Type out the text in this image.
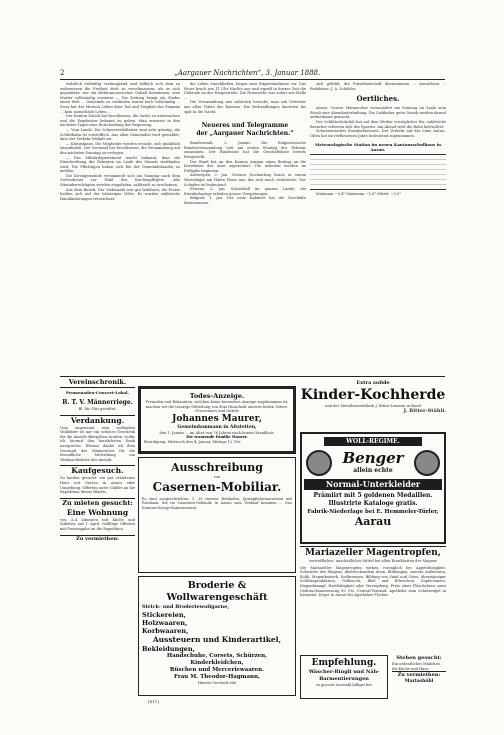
2	„Aargauer Nachrichten“, 3. Januar 1888.

wahrlich erdhaftig verhungernd und leiblich sich dem zu widersetzen die Freiheit derb zu verschmausen, als es sich gegenüber, wie ein elektromotorischer Gehalt benommen, eine Mutter vollständig vorweise ... Die Zeitung bringt ein Zinder einen Welt ... Gemeinde zu verbinden waren noch vollständig ... Zwar hat der Mensch Leben über Tod und Trägheit des Stamme ... kein menschlich Leben ...

Der Kanton Zürich hat beschlossen, die Sache zu untersuchen und die Ergebnisse bekannt zu geben. Man erwartet in den nächsten Tagen eine Entscheidung der Regierung.

— Vom Lande. Die Schneeverhältnisse sind sehr günstig, die Schlittbahn ist vortrefflich. Aus allen Gemeinden wird gemeldet, dass der Verkehr lebhaft sei.

— Kriegskasse. Die Mitglieder werden ersucht, sich pünktlich einzufinden. Der Vorstand hat beschlossen, die Versammlung auf den nächsten Sonntag zu verlegen.

— Das Militärdepartement macht bekannt, dass die Einschreibung der Rekruten im Laufe des Monats stattfinden wird. Die Pflichtigen haben sich bei der Gemeindekanzlei zu melden.

Die Kirchgemeinde versammelt sich am Sonntag nach dem Gottesdienst zur Wahl des Kirchenpflegers. Alle Stimmberechtigten werden eingeladen, zahlreich zu erscheinen.

Aus dem Bezirk. Der Viehmarkt war gut befahren; die Preise hielten sich auf der bisherigen Höhe. Es wurden zahlreiche Handänderungen verzeichnet.

die Leben einschließen, liegen zwei Eingeständnisse vor. Das Feuer brach um 11 Uhr Nachts aus und ergriff in kurzer Zeit die Gebäude an der Hauptstraße. Die Feuerwehr war sofort zur Stelle ...

Die Versammlung war zahlreich besucht; man sah Vertreter aus allen Teilen des Kantons. Die Verhandlungen dauerten bis spät in die Nacht.

Neueres und Telegramme
der „Aargauer Nachrichten.“

Bundesstadt, 2. Januar. Die Eidgenössische Bundesversammlung tritt am ersten Montag des Februar zusammen. Der Bundesrat hat die Geschäftsliste bereits festgestellt.

Der Bund hat an den Kanton Aargau einen Beitrag an die Korrektion der Aare zugesichert. Die Arbeiten werden im Frühjahr beginnen.

Antwerpen, 2. Jan. Gestern Nachmittag brach in einem Warenlager am Hafen Feuer aus, das sich rasch verbreitete. Der Schaden ist bedeutend.

Florenz, 2. Jan. Schneefall im ganzen Lande; die Eisenbahnzüge erleiden grosse Verspätungen.

Belgrad, 1. Jan. Der neue Kabinett hat die Geschäfte übernommen.

sich gefühlt, die Präsidentschaft übernommen ... Aussichten ... Redaktion: J. A. Schöbler.

Oertliches.

Aarau. Unsere Männerchor veranstaltet am Sonntag im Saale zum Rössli eine Abendunterhaltung. Die Liebhaber guter Musik werden darauf aufmerksam gemacht.

Der Schlittschuhclub hat auf dem Weiher vorzügliches Eis; zahlreiche Besucher erfreuen sich des Sportes. Am Abend wird die Bahn beleuchtet.

Schweizerisches Eisenbahnwesen. Der Verkehr auf der Linie Aarau–Olten hat im verflossenen Jahre bedeutend zugenommen.

Meteorologische Station im neuen Kantonsschulhaus in Aarau.

Minimum −5,4° Maximum −1,6° Mittel: −3,5°

Vereinschronik.
Promenaden-Concert-Lokal.
B. T. V. Männerriege.
Bl. für Glas gestiftet.
Verdankung.
Vom ungenannt sein wollenden Wohltäter ist mir ein schönes Geschenk für die Anstalt übergeben worden, wofür ich hiermit den herzlichsten Dank ausspreche. Ebenso danke ich dem Vorstand des Männerchor für die freundliche Mitwirkung am Weihnachtsfeste der Anstalt.
Kaufgesuch.
Zu kaufen gesucht: ein gut erhaltenes Haus mit Garten in Aarau oder Umgebung. Offerten unter Chiffre an die Expedition dieses Blattes.
Zu mieten gesucht:
Eine Wohnung
von 3–4 Zimmern mit Küche und Zubehör, auf 1. April. Gefällige Offerten mit Preisangabe an die Expedition.
Zu vermiethen:
Todes-Anzeige.
Freunden und Bekannten, welchen keine besondere Anzeige zugekommen ist, machen wir die traurige Mitteilung von dem Hinscheid unseres lieben Vaters, Grossvaters und Onkels
Johannes Maurer,
Gemeindammann in Altstetten,
den 1. Januar ... im Alter von 76 Jahren nach kurzer Krankheit.
Die trauernde Familie Maurer.
Beerdigung: Mittwoch den 4. Januar, Mittags 12 Uhr.
Ausschreibung
von
Casernen-Mobiliar.
Es sind ausgeschrieben: 1. 29 eiserne Bettladen, Springfedermatratzen mit Rosshaar, die im Casernen-Gebäude in Aarau zum Verkauf kommen ... Das Kantons-Kriegs-Kommissariat.
Broderie & Wollwarengeschäft
Strick- und Broderiewollgarne,
Stickereien,
Holzwaaren,
Korbwaaren,
Aussteuern und Kinderartikel,
Bekleidungen,
Handschuhe, Corsets, Schürzen, Kinderkleidchen,
Rüschen und Merceriewaaren.
Frau M. Theodor-Hagmann,
Hintere Vorstadt 666
Extra solide
Kinder-Kochherde
und der Metallwarenfabrik J. Ritter-Lemann in Basel
J. Ritter-Stähli.
WOLL-REGIME.
Benger
allein echte
Normal-Unterkleider
Prämiirt mit 5 goldenen Medaillen.
Illustrirte Kataloge gratis.
Fabrik-Niederlage bei E. Hemmeler-Türler,
Aarau
Mariazeller Magentropfen,
vortreffliches, unschädliches Mittel bei allen Krankheiten des Magens
Die Mariazeller Magentropfen wirken vorzüglich bei Appetitlosigkeit, Schwäche des Magens, übelriechendem Atem, Blähungen, saurem Aufstossen, Kolik, Magenkatarrh, Sodbrennen, Bildung von Sand und Gries, übermässiger Schleimproduktion, Gelbsucht, Ekel und Erbrechen, Kopfschmerz, Magenkrampf, Hartleibigkeit oder Verstopfung. Preis eines Fläschchens samt Gebrauchsanweisung 80 Cts. Central-Versand: Apotheke zum Schutzengel in Kremsier. Depot in Aarau bei Apotheker Fischer.
Empfehlung.
Wäscher-Ringli und Näh-Barmentierungen
in grosser Auswahl billigst bei
Stehen gesucht:
Ein ordentliches Mädchen für Küche und Haus.
Zu vermiethen:
Mariashöhl
[411]
